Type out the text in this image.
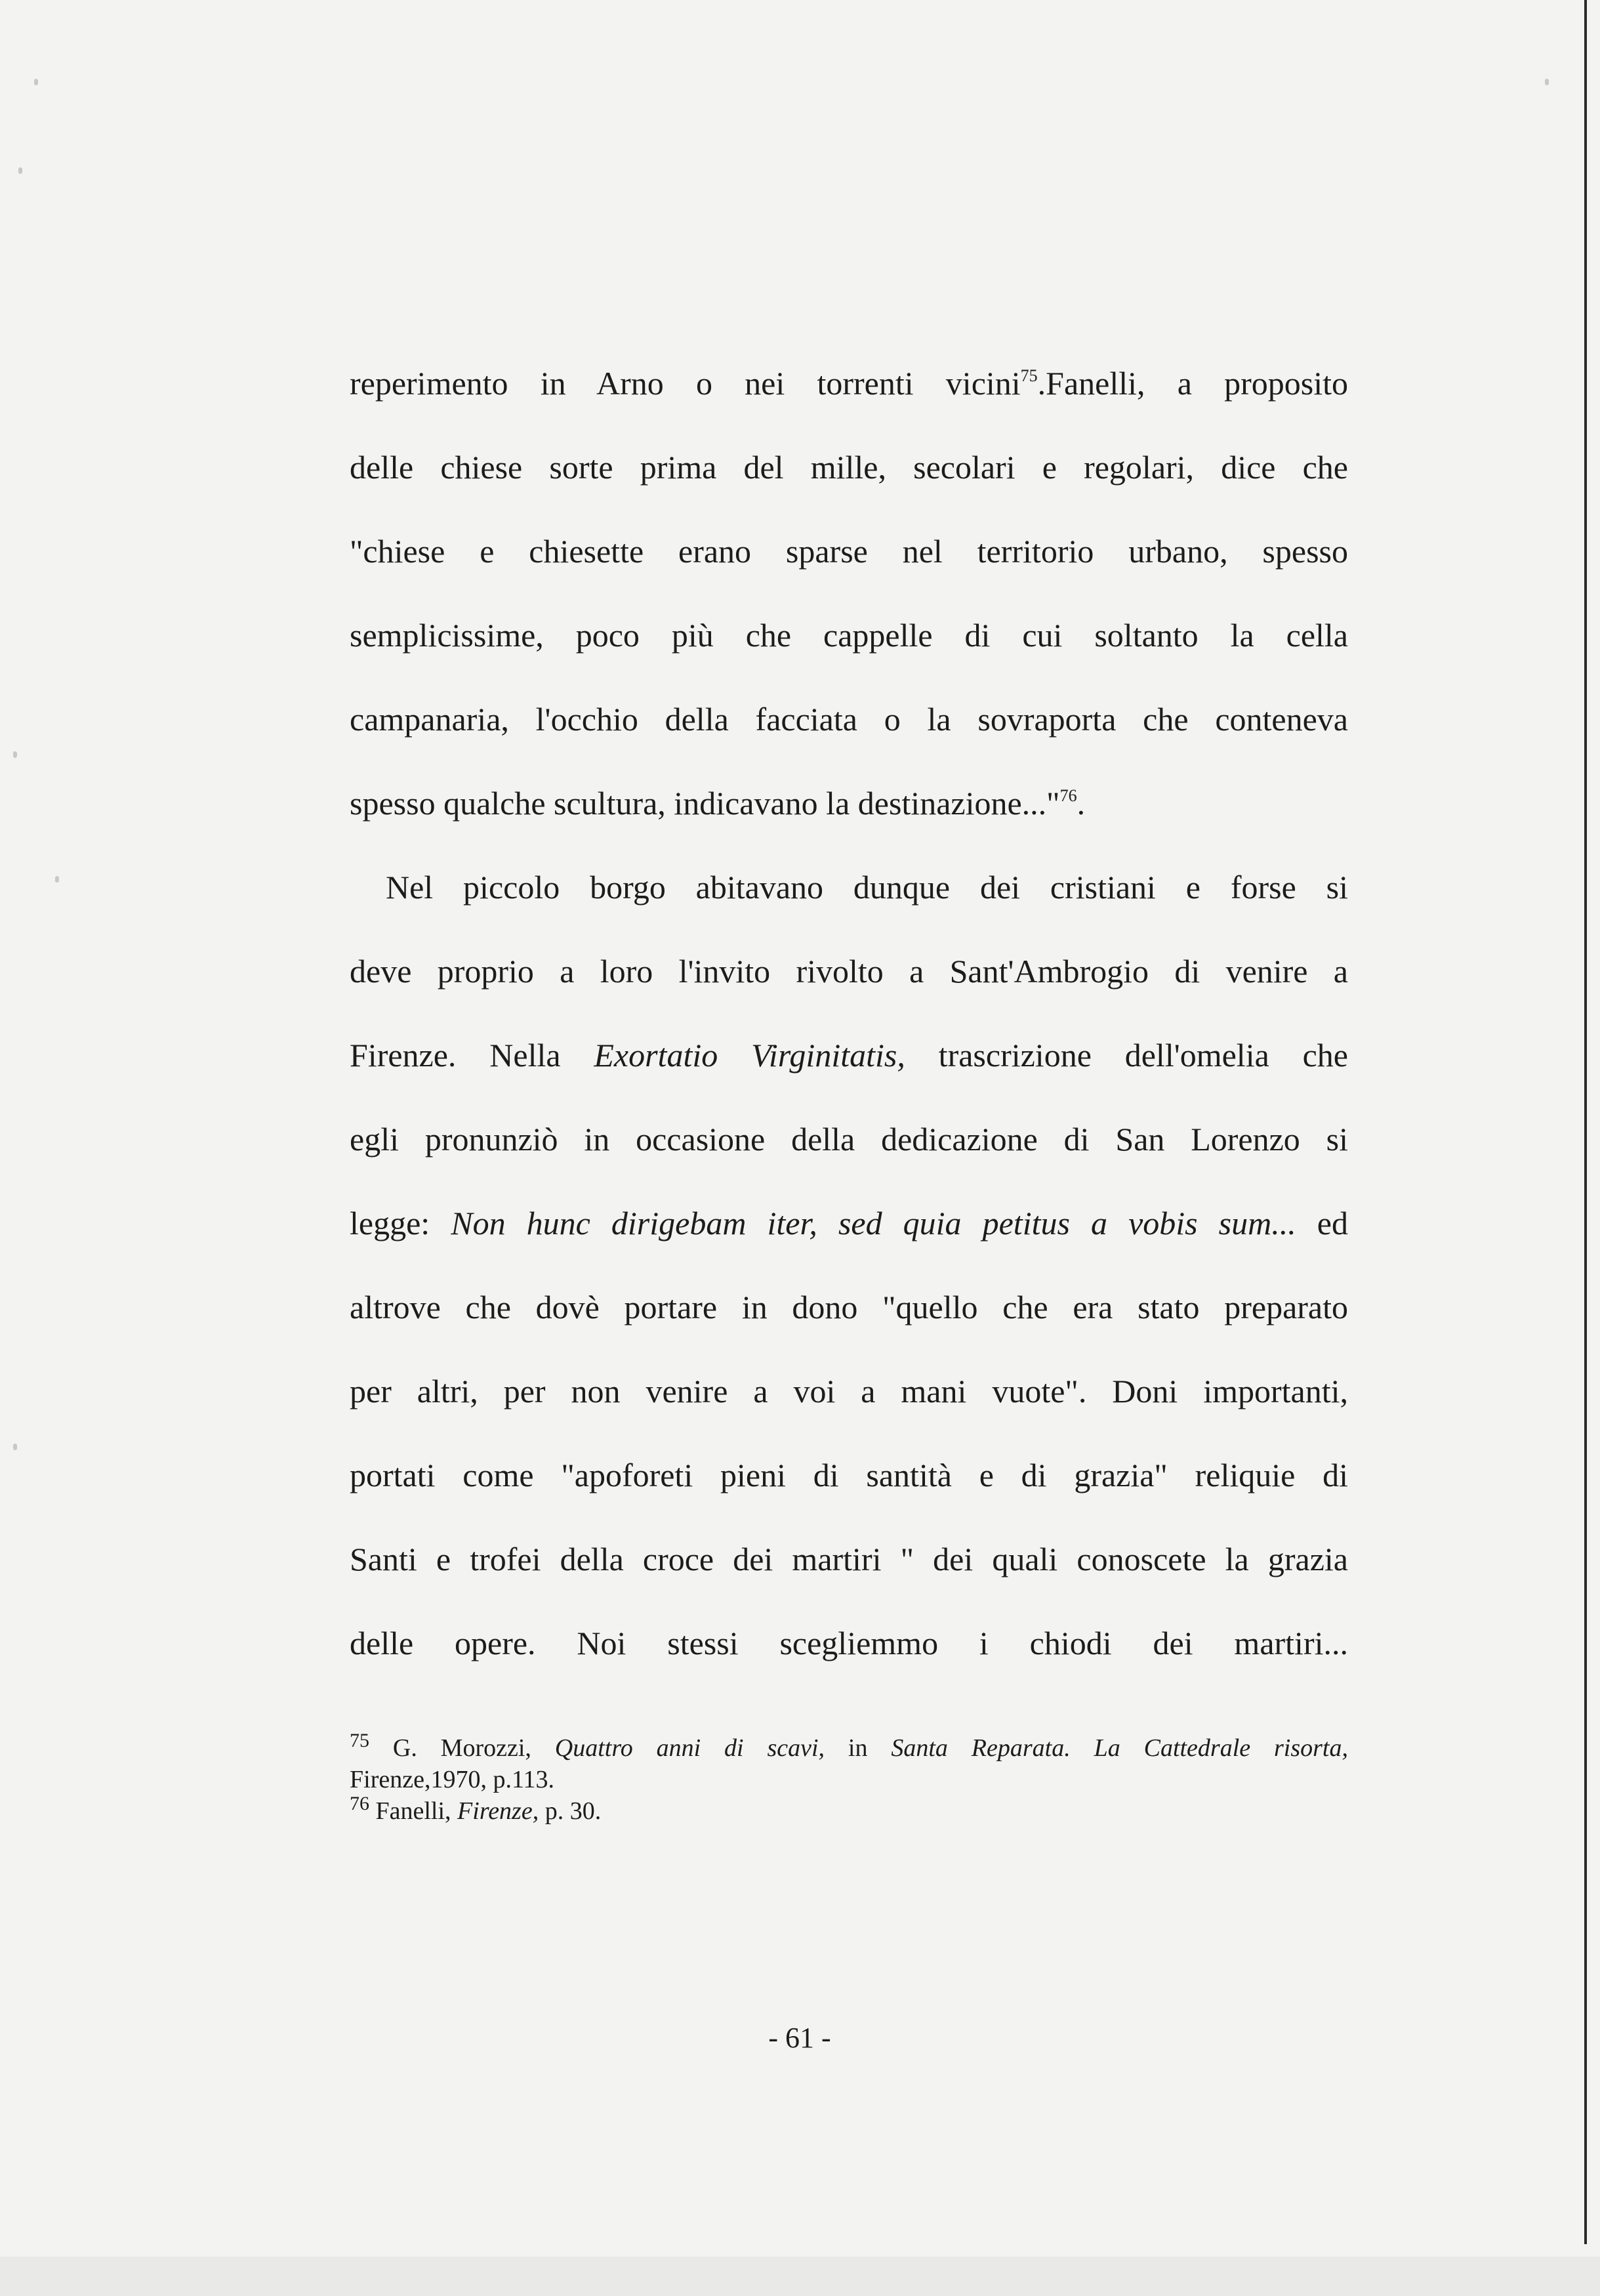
reperimento in Arno o nei torrenti vicini$^{75}$.Fanelli, a proposito
delle chiese sorte prima del mille, secolari e regolari, dice che
"chiese e chiesette erano sparse nel territorio urbano, spesso
semplicissime, poco più che cappelle di cui soltanto la cella
campanaria, l'occhio della facciata o la sovraporta che conteneva
spesso qualche scultura, indicavano la destinazione..."$^{76}$.
Nel piccolo borgo abitavano dunque dei cristiani e forse si
deve proprio a loro l'invito rivolto a Sant'Ambrogio di venire a
Firenze. Nella Exortatio Virginitatis, trascrizione dell'omelia che
egli pronunziò in occasione della dedicazione di San Lorenzo si
legge: Non hunc dirigebam iter, sed quia petitus a vobis sum... ed
altrove che dovè portare in dono "quello che era stato preparato
per altri, per non venire a voi a mani vuote". Doni importanti,
portati come "apoforeti pieni di santità e di grazia" reliquie di
Santi e trofei della croce dei martiri " dei quali conoscete la grazia
delle opere. Noi stessi scegliemmo i chiodi dei martiri...
$^{75}$ G. Morozzi, Quattro anni di scavi, in Santa Reparata. La Cattedrale risorta,
Firenze,1970, p.113.
$^{76}$ Fanelli, Firenze, p. 30.
- 61 -
